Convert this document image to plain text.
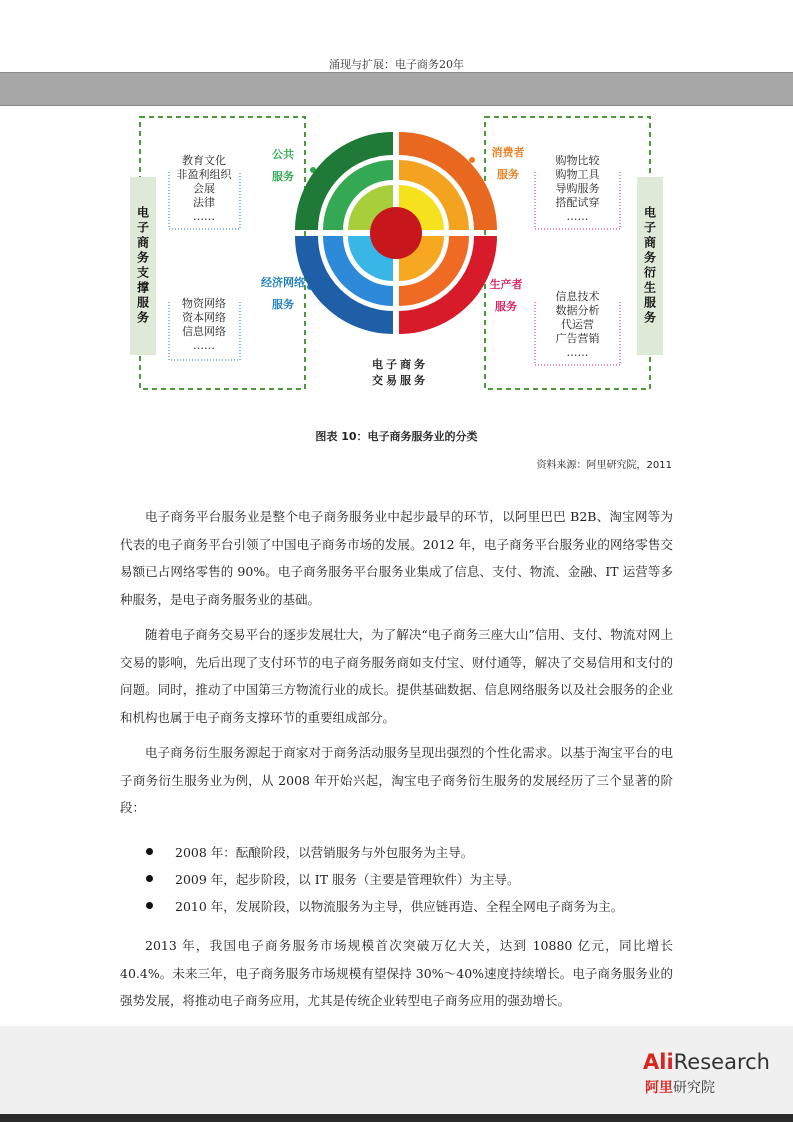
涌现与扩展：电子商务20年
电子商务支撑服务	电子商务衍生服务
教育文化
非盈利组织
会展
法律
……
物资网络
资本网络
信息网络
……
购物比较
购物工具
导购服务
搭配试穿
……
信息技术
数据分析
代运营
广告营销
……
公共
服务
消费者
服务
经济网络
服务
生产者
服务
电子商务
交易服务
图表 10：电子商务服务业的分类
资料来源：阿里研究院，2011
电子商务平台服务业是整个电子商务服务业中起步最早的环节，以阿里巴巴 B2B、淘宝网等为代表的电子商务平台引领了中国电子商务市场的发展。2012 年，电子商务平台服务业的网络零售交易额已占网络零售的 90%。电子商务服务平台服务业集成了信息、支付、物流、金融、IT 运营等多种服务，是电子商务服务业的基础。
随着电子商务交易平台的逐步发展壮大，为了解决“电子商务三座大山”信用、支付、物流对网上交易的影响，先后出现了支付环节的电子商务服务商如支付宝、财付通等，解决了交易信用和支付的问题。同时，推动了中国第三方物流行业的成长。提供基础数据、信息网络服务以及社会服务的企业和机构也属于电子商务支撑环节的重要组成部分。
电子商务衍生服务源起于商家对于商务活动服务呈现出强烈的个性化需求。以基于淘宝平台的电子商务衍生服务业为例，从 2008 年开始兴起，淘宝电子商务衍生服务的发展经历了三个显著的阶段：
2008 年：酝酿阶段，以营销服务与外包服务为主导。
2009 年，起步阶段，以 IT 服务（主要是管理软件）为主导。
2010 年，发展阶段，以物流服务为主导，供应链再造、全程全网电子商务为主。
2013 年，我国电子商务服务市场规模首次突破万亿大关，达到 10880 亿元，同比增长 40.4%。未来三年，电子商务服务市场规模有望保持 30%～40%速度持续增长。电子商务服务业的强势发展，将推动电子商务应用，尤其是传统企业转型电子商务应用的强劲增长。
AliResearch
阿里研究院
